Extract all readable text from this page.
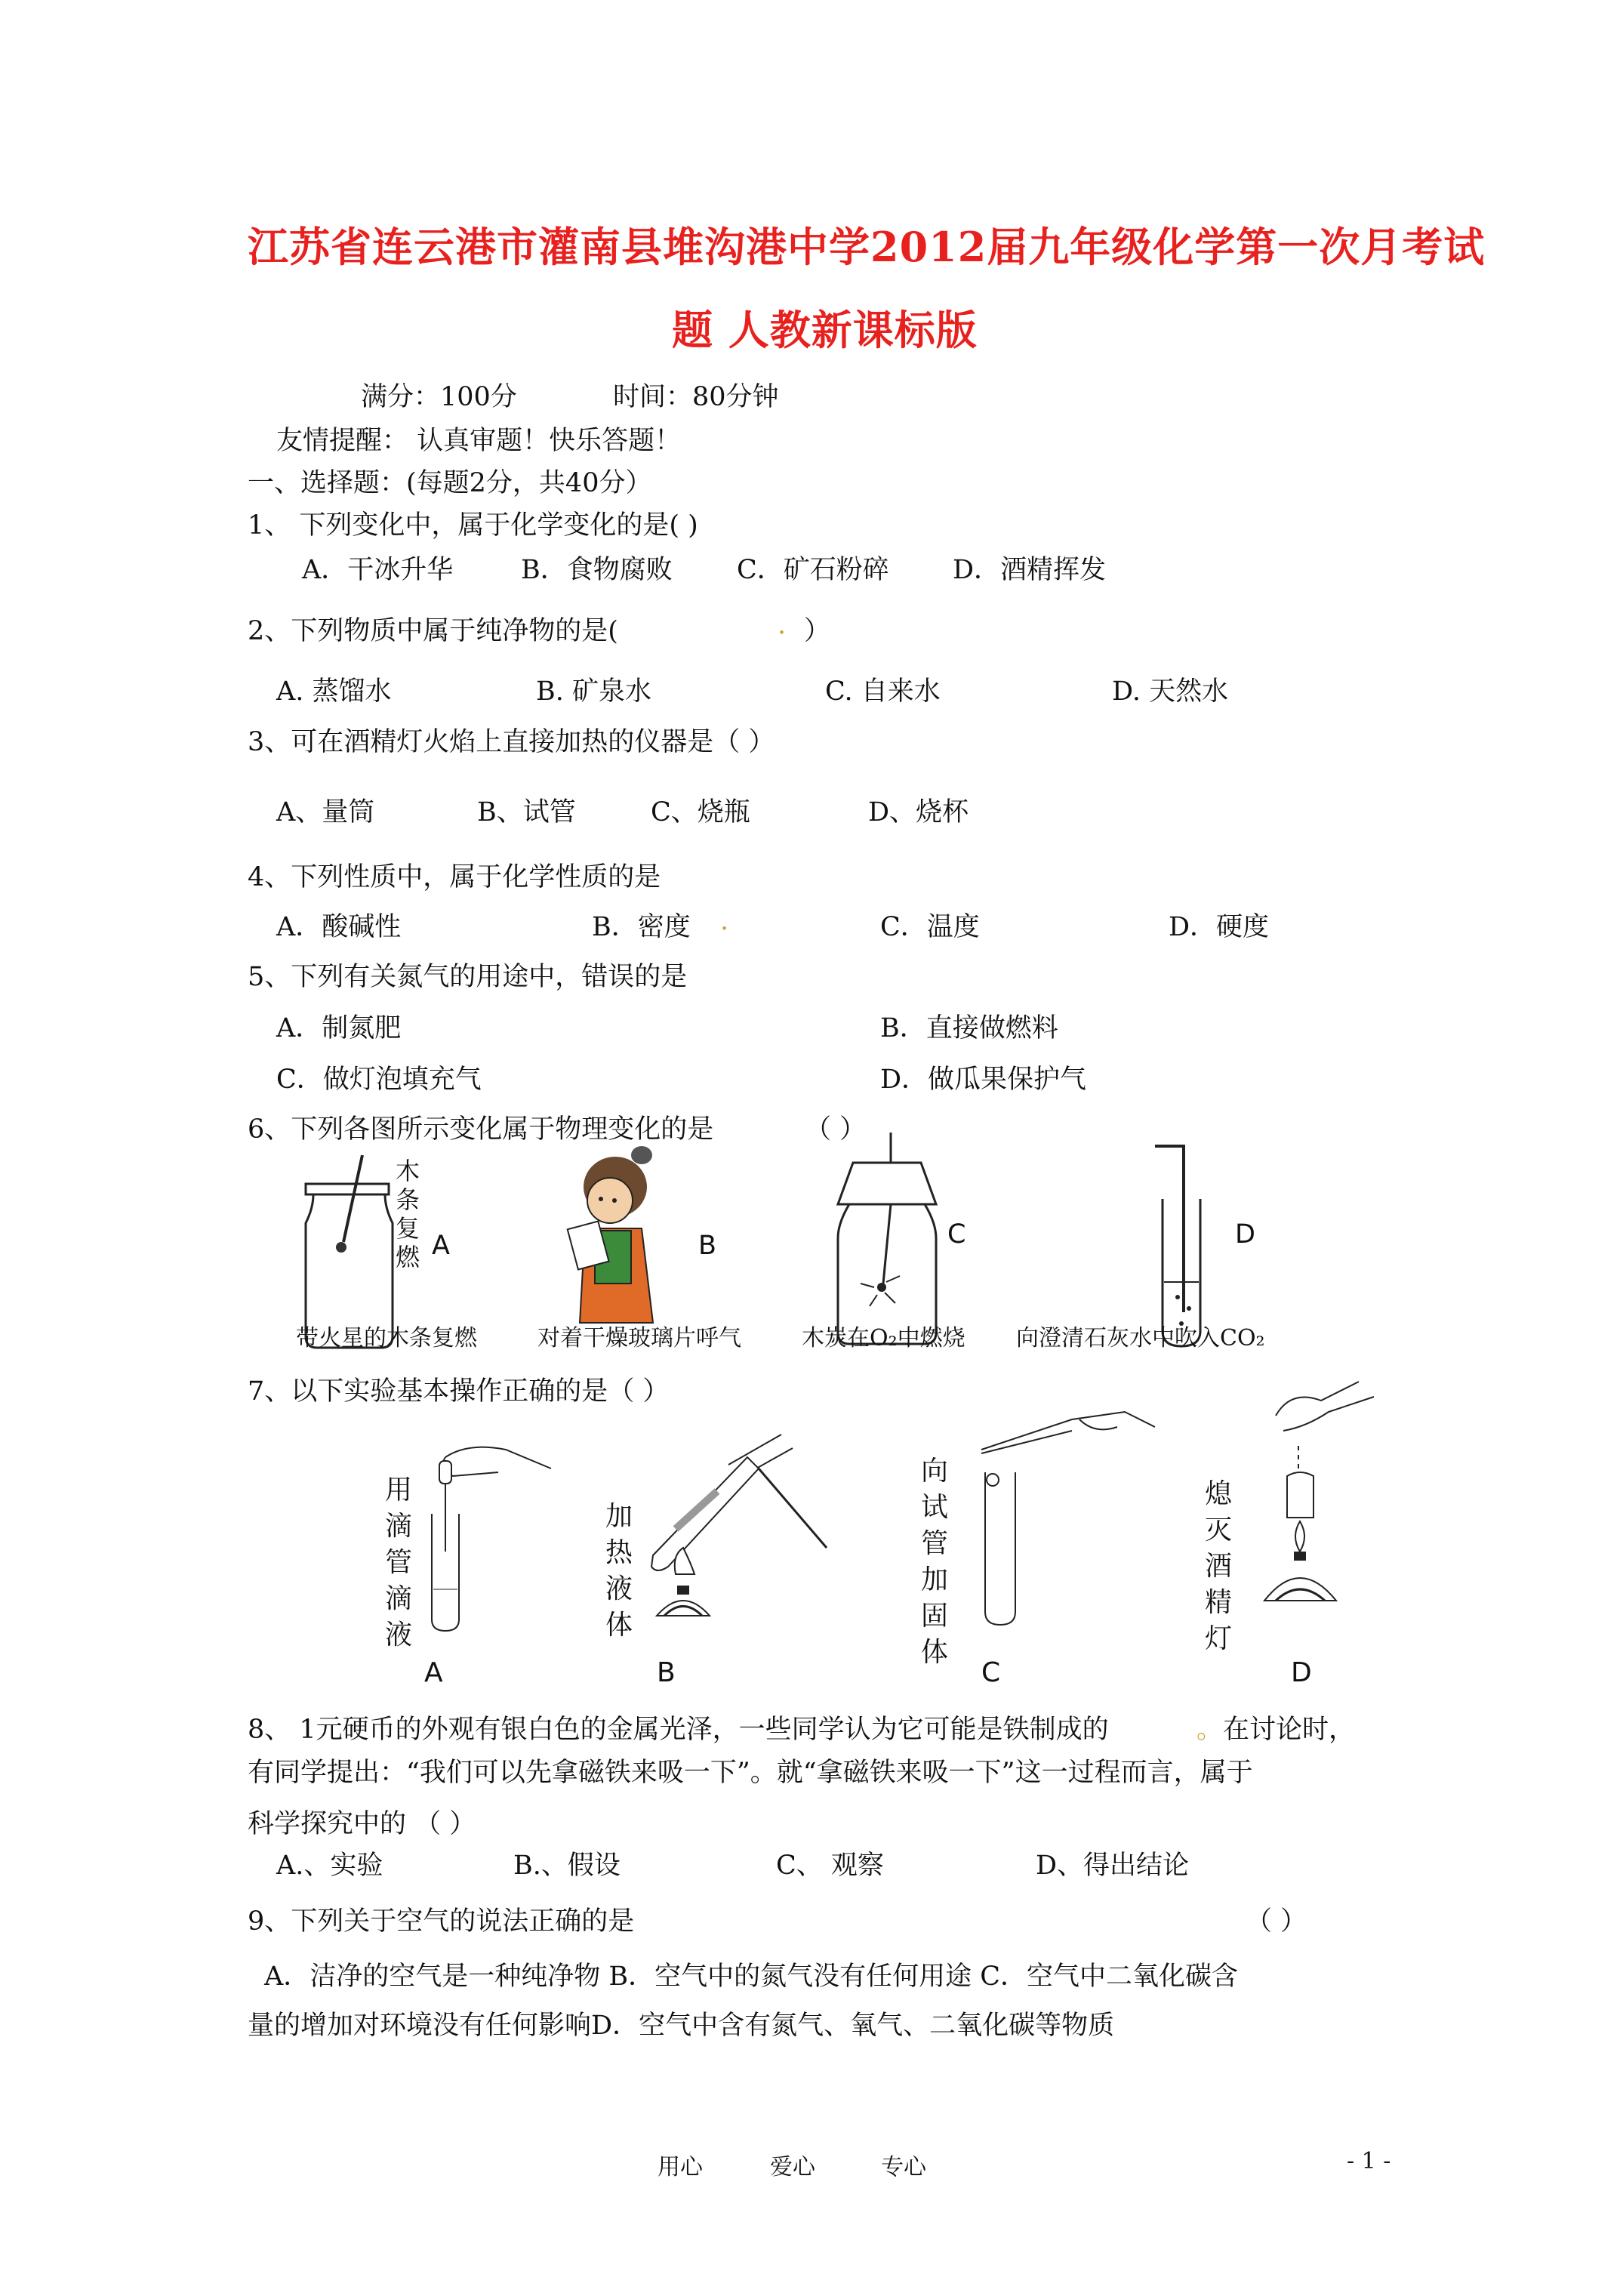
江苏省连云港市灌南县堆沟港中学2012届九年级化学第一次月考试
题 人教新课标版
满分：100分	时间：80分钟
友情提醒： 认真审题！快乐答题！
一、选择题：(每题2分，共40分）
1、 下列变化中，属于化学变化的是( )
A．干冰升华	B．食物腐败 C．矿石粉碎 D．酒精挥发
2、下列物质中属于纯净物的是(	. ）
A. 蒸馏水	B. 矿泉水	C. 自来水	D. 天然水
3、可在酒精灯火焰上直接加热的仪器是（ ）
A、量筒	B、试管	C、烧瓶	D、烧杯
4、下列性质中，属于化学性质的是
A．酸碱性	B．密度 .	C．温度	D．硬度
5、下列有关氮气的用途中，错误的是
A．制氮肥	B．直接做燃料
C．做灯泡填充气	D．做瓜果保护气
6、下列各图所示变化属于物理变化的是	（ ）
木
条
复
燃 A	B	C	D
带火星的木条复燃	对着干燥玻璃片呼气	木炭在O₂中燃烧 向澄清石灰水中吹入CO₂
7、以下实验基本操作正确的是（ ）
用
滴
管
滴
液
A
加
热
液
体
B
向
试
管
加
固
体
C
熄
灭
酒
精
灯
D
8、 1元硬币的外观有银白色的金属光泽，一些同学认为它可能是铁制成的	。 在讨论时，
有同学提出：“我们可以先拿磁铁来吸一下”。就“拿磁铁来吸一下”这一过程而言，属于
科学探究中的 （ ）
A.、实验	B.、假设	C、 观察	D、得出结论
9、下列关于空气的说法正确的是	（ ）
A．洁净的空气是一种纯净物 B．空气中的氮气没有任何用途 C．空气中二氧化碳含
量的增加对环境没有任何影响D．空气中含有氮气、氧气、二氧化碳等物质
用心	爱心	专心	- 1 -
